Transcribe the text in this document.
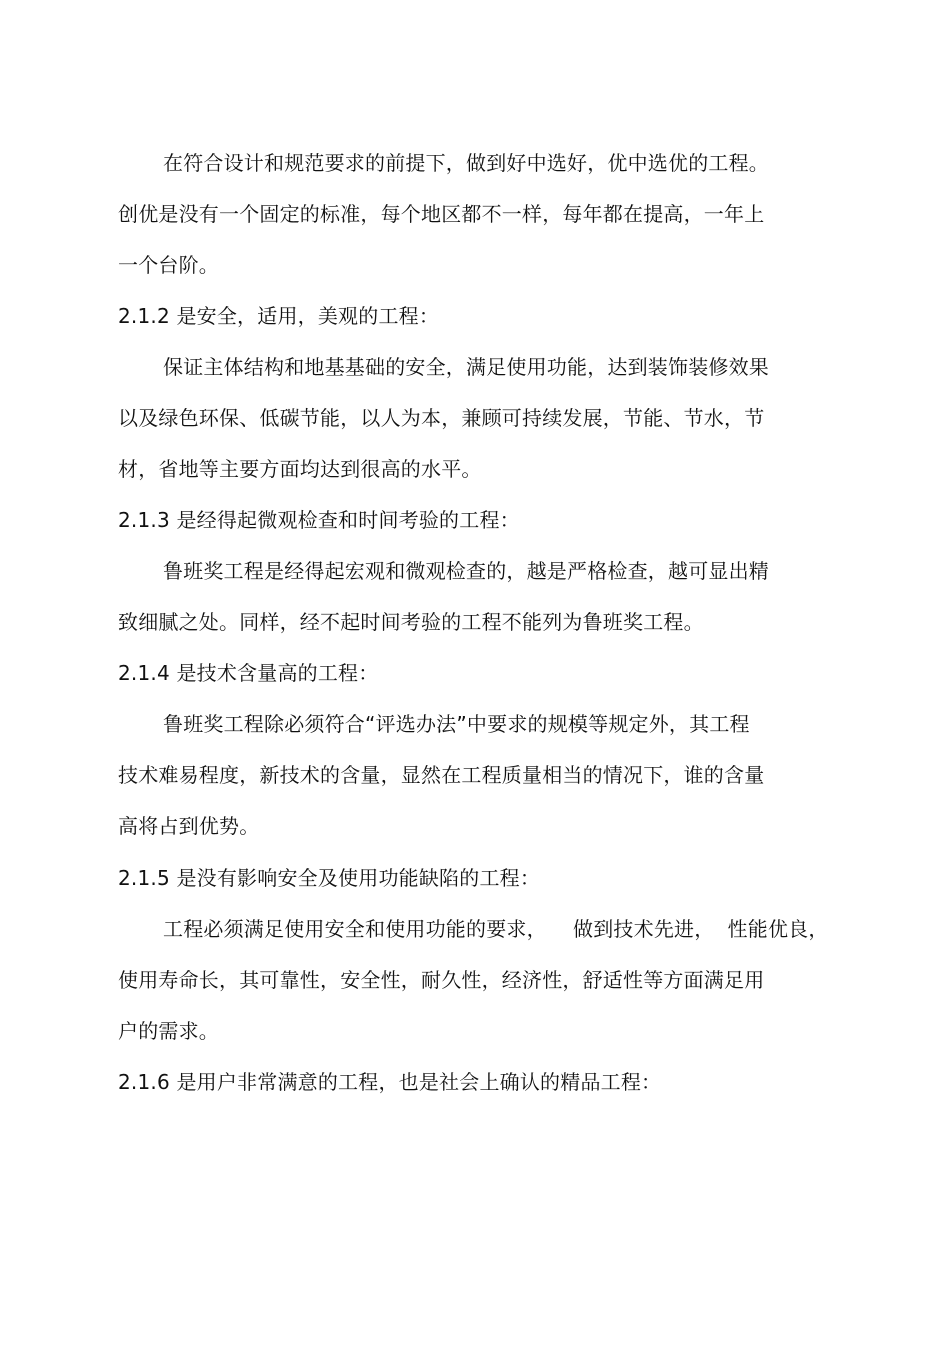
在符合设计和规范要求的前提下，做到好中选好，优中选优的工程。
创优是没有一个固定的标准，每个地区都不一样，每年都在提高，一年上
一个台阶。
2.1.2 是安全，适用，美观的工程：
保证主体结构和地基基础的安全，满足使用功能，达到装饰装修效果
以及绿色环保、低碳节能，以人为本，兼顾可持续发展，节能、节水，节
材，省地等主要方面均达到很高的水平。
2.1.3 是经得起微观检查和时间考验的工程：
鲁班奖工程是经得起宏观和微观检查的，越是严格检查，越可显出精
致细腻之处。同样，经不起时间考验的工程不能列为鲁班奖工程。
2.1.4 是技术含量高的工程：
鲁班奖工程除必须符合“评选办法”中要求的规模等规定外，其工程
技术难易程度，新技术的含量，显然在工程质量相当的情况下，谁的含量
高将占到优势。
2.1.5 是没有影响安全及使用功能缺陷的工程：
工程必须满足使用安全和使用功能的要求，    做到技术先进，  性能优良，
使用寿命长，其可靠性，安全性，耐久性，经济性，舒适性等方面满足用
户的需求。
2.1.6 是用户非常满意的工程，也是社会上确认的精品工程：
